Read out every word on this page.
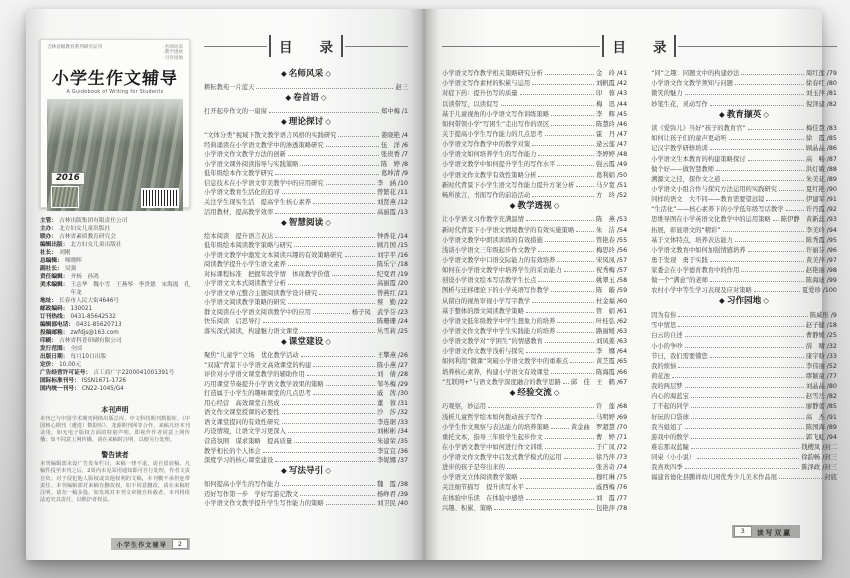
吉林省级教育系列研究证刊	·名师风采
·教学透视
·习作园地
小学生作文辅导
A Guidebook of Writing for Students
2016
主管： 吉林出版集团有限责任公司
主办： 北方妇女儿童出版社
联办： 吉林省素质教育研究会
编辑出版： 北方妇女儿童出版社
社长： 刘刚
总编辑： 师晓晖
副社长： 吴强
责任编辑： 齐杨　孙鸿
美术编辑： 王志华　魏小雪　王燕琴　李贵德　宋海霞　孔年龙
地址： 长春市人民大街4646号
邮政编码： 130021
订刊热线： 0431-85642532
编辑部电话： 0431-85620713
投稿邮箱： zwfdjs@163.com
印刷： 吉林省科普印刷有限公司
发行范围： 全国
出版日期： 每月10日出版
定价： 10.00元
广告经营许可证号： 吉工商广字2200041001391号
国际标准刊号： ISSN1671-1726
国内统一刊号： CN22-1045/G4
本刊声明
本刊已与中国学术期刊网络出版总库、中文科技期刊数据库、《中国核心期刊（遴选）数据库》、龙源期刊网等合作，来稿凡经本刊录用，如无电子版权方面的特别声明，即视作作者同意上网传播；如不同意上网传播，请在来稿时注明，以便另行处理。
警告读者
本刊编辑部未设广告发布栏目，来稿一律不退，请自留底稿。凡稿件投至本刊之后，2周内未见采用通知即可自行处理，作者文责自负；对于侵犯他人版权或其他权利的文稿，本刊概不承担连带责任。本刊编辑部对来稿有删改权，如不同意删改，请在来稿时注明。请勿一稿多投，如发现对本刊文章擅自转载者，本刊将依法追究其责任，以维护者权益。
小学生作文辅导	2
目　　录
◆ 名师风采 ◇
耕耘教苑一片蓝天	赵三
◆ 卷首语 ◇
打开起步作文的一扇窗	郑中梅 /1
◆ 理论探讨 ◇
“文体分类”视域下散文教学语言风格的实践研究	姜晓艳 /4
经典诵读在小学语文教学中的渗透策略研究	伍　洋 /6
小学语文作文教学方法的创新	张贵香 /7
小学语文课外阅读指导与实践策略	陈　婷 /8
低年级绘本作文教学研究	葛坤清 /9
信息技术在小学语文审美教学中的应用研究	李　涵 /10
小学语文教育生活化的追寻	曾繁花 /11
关注学生现实生活　提高学生核心素养	刘贤燕 /12
活用教材，提高教学效率	高丽霞 /13
◆ 智慧阅读 ◇
绘本阅读　提升语言表达	钟香花 /14
低年级绘本阅读教学策略与研究	顾月国 /15
小学语文教学中激发文本阅读兴趣的有效策略研究	刘宇平 /16
阅读教学提升小学生语文素养	陈乐宁 /18
对标课程标准　把握年段学情　体现教学价值	纪变君 /19
小学语文文本式阅读教学分析	高丽霞 /20
小学语文单元整合主题阅读教学设计研究	曾燕红 /21
小学语文阅读教学策略的研究	蔡　勤 /22
群文阅读在小学语文阅读教学中的应用	杨子凤　武学芬 /23
快乐阅读　启思导行	陈珊珊 /24
落实深式阅读，构建魅力语文课堂	丛雪莉 /25
◆ 课堂建设 ◇
聚焦“儿童学”立场　优化教学活动	王攀燕 /26
“双减”背景下小学语文高效课堂的构建	陈小燕 /27
评价对小学语文课堂教学的辅助作用	刘　倩 /28
巧用课堂节奏提升小学语文教学效果的策略	邹冬梅 /29
打造属于小学生的趣味课堂的几点思考	戚　茜 /30
用心经营　高效课堂自然成	董　蓉 /31
语文作文课堂授课的必要性	沙　莎 /32
语文课堂提问的有效性研究	李连琚 /33
巧设情境，让语文学习更深入	刘彬彬 /34
营造氛围　谋求策略　提高质量	朱建荣 /35
教学相长的个人体会	李宜宜 /36
深度学习的核心课堂建设	李妮娜 /37
◆ 写法导引 ◇
如何提高小学生的写作能力	魏　霞 /38
迈好写作第一步　学好写游记散文	杨峥君 /39
小学语文作文教学提升学生写作能力的策略	刘卫民 /40
目　　录
小学语文写作教学相关策略研究分析	金　玲 /41
小学语文写作素材的积累与运用	刘帆霞 /42
对症下药：提升仿写的质量	印　蓉 /43
以读带写，以读促写	梅　迅 /44
基于儿童视角的小学语文写作训练策略	李　辉 /45
如何带领小学“写困生”走出写作的误区	陈慧玲 /46
关于提高小学生写作能力的几点思考	霍　丹 /47
小学语文写作教学中的教学对策	逯云莲 /47
小学语文如何培养学生的写作能力	李婷婷 /48
小学语文教学中如何提升学生的写作水平	强云霞 /49
小学语文作文教学有效性策略分析	葛利娟 /50
新时代背景下小学生语文写作能力提升方案分析	马夕宽 /51
畅所欲言，书面写作的前沿活动	方　玲 /52
◆ 教学透视 ◇
让小学语文习作教学充满温情	陈　燕 /53
新时代背景下小学语文情境教学的有效实施策略	朱　洁 /54
小学语文教学中朗读训练的有效措施	管艳春 /55
浅谈小学语文三年级起步作文教学	梅思玲 /56
小学语文教学中口语交际能力的有效培养	宋凤凤 /57
如何在小学语文教学中培养学生的采访能力	祝秀梅 /57
创设小学语文绘本写话教学生长点	姚翠玉 /58
图析与迁移理论下的小学英语写作教学	陈　璇 /59
从留白的视角审视小学写字教学	杜金福 /60
基于整体的群文阅读教学策略	管　娟 /61
小学语文低年级教学中学生想象力的培养	叶桂弘 /62
小学语文作文教学中学生实践能力的培养	路丽媛 /63
小学语文教学对“学困生”的情感教育	刘凤姜 /63
小学语文作文教学浅析与探究	李　娜 /64
如何利用“微课”突破小学语文教学中的重难点	黄芝霞 /65
培养核心素养，构建小学语文有效课堂	陈海霞 /66
“互联网+”与语文教学深度融合的教学思路 邱　佳　王　鹤 /67
◆ 经验交流 ◇
巧观察，妙运用	许　莲 /68
浅析儿童哲学绘本如何拨动孩子写作	马明婷 /69
小学生作文观察与表达能力的培养策略	黄金曲　罗超慧 /70
重托文本，指导三年级学生起步作文	曹　婷 /71
在小学语文教学中如何进行作文训练	于广凤 /72
小学语文作文教学中启发式教学模式的运用	徐乃萍 /73
进步的孩子是夸出来的	张善奇 /74
小学语文立体阅读教学策略	穆红琳 /75
关注细节描写　提升读写水平	戚西梅 /76
在体验中乐读　在体验中感悟	刘　霞 /77
兴趣、积累、策略	包艳萍 /78
“同”之趣：同题文中的构建妙法	周红莲 /79
小学语文作文教学须知与问题	徐春红 /80
微笑的魅力	刘玉萍 /81
妙笔生花，灵动写作	倪泽建 /82
◆ 教育撷英 ◇
读《爱弥儿》当好“孩子的教育官”	梅佳慧 /83
如何让孩子们的童声更动听	徐　霞 /85
记汉字教学研修培训	顾晶晶 /86
小学语文生本教育的构建策略探讨	高　畅 /87
做个好——做智慧教师	洪灯娥 /88
溯源文之径，探作文之道	朱美花 /89
小学语文小组合作与探究方法运用的实践研究	夏红艳 /90
同样的语文　大不同——教育需要望远镜	伊建军 /91
“生活化”——核心素养下的小学低年级写话教学	许丹霞 /92
思维导图在小学英语文化教学中的运用策略 陈伊静　黄新蕊 /93
拓展，彰显语文的“精彩”	李美玲 /94
基于文体特点，培养表达能力	陈秀霞 /95
小学语文教育中如何加强情感培养	许丽芬 /96
勇于发现　勇于实践	黄美萍 /97
家委会在小学德育教育中的作用	赵艳丽 /98
做一个“满意”的老师	陈海迪 /99
农村小学中等生学习表现及应对策略	夏爱珍 /100
◆ 习作园地 ◇
因为有你	陈威彤 /9
雪中情思	赵子健 /18
白云的自述	曹静媛 /25
小小的争吵	薛　晴 /32
节日，我们需要懂您	康宇晗 /33
我的烦恼	李伟丽 /52
荷花池	缪颖童 /77
我的两层梦	刘晶晶 /80
内心的海蓝宝	赵雪岳 /82
了不起的同学	廖静蕾 /85
好玩的口袋球	高　杰 /91
我当姐姐了	陈国海 /89
游戏中的数学	郭飞虹 /94
难忘那双蓝瞳	钱樱凤 /封二
同桌（小小说）	徐韵畅 /封三
我喜欢四季	陈泽政 /封三
福建省德化县鹏祥幼儿园优秀少儿美术作品展	封底
3	读写双赢
